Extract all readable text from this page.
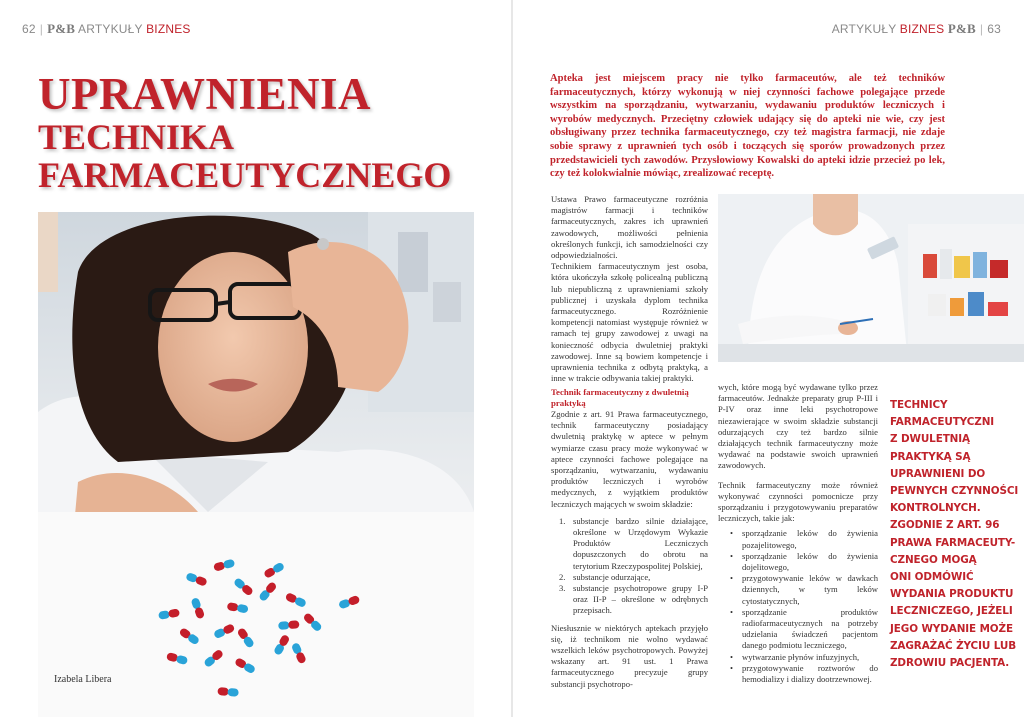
62 | P&B ARTYKUŁY BIZNES	ARTYKUŁY BIZNES P&B | 63
UPRAWNIENIA
TECHNIKA
FARMACEUTYCZNEGO
Izabela Libera

Apteka jest miejscem pracy nie tylko farmaceutów, ale też techników farmaceutycznych, którzy wykonują w niej czynności fachowe polegające przede wszystkim na sporządzaniu, wytwarzaniu, wydawaniu produktów leczniczych i wyrobów medycznych. Przeciętny człowiek udający się do apteki nie wie, czy jest obsługiwany przez technika farmaceutycznego, czy też magistra farmacji, nie zdaje sobie sprawy z uprawnień tych osób i toczących się sporów prowadzonych przez przedstawicieli tych zawodów. Przysłowiowy Kowalski do apteki idzie przecież po lek, czy też kolokwialnie mówiąc, zrealizować receptę.

Ustawa Prawo farmaceutyczne rozróżnia magistrów farmacji i techników farmaceutycznych, zakres ich uprawnień zawodowych, możliwości pełnienia określonych funkcji, ich samodzielności czy odpowiedzialności.

Technikiem farmaceutycznym jest osoba, która ukończyła szkołę policealną publiczną lub niepubliczną z uprawnieniami szkoły publicznej i uzyskała dyplom technika farmaceutycznego. Rozróżnienie kompetencji natomiast występuje również w ramach tej grupy zawodowej z uwagi na konieczność odbycia dwuletniej praktyki zawodowej. Inne są bowiem kompetencje i uprawnienia technika z odbytą praktyką, a inne w trakcie odbywania takiej praktyki.

Technik farmaceutyczny z dwuletnią praktyką

Zgodnie z art. 91 Prawa farmaceutycznego, technik farmaceutyczny posiadający dwuletnią praktykę w aptece w pełnym wymiarze czasu pracy może wykonywać w aptece czynności fachowe polegające na sporządzaniu, wytwarzaniu, wydawaniu produktów leczniczych i wyrobów medycznych, z wyjątkiem produktów leczniczych mających w swoim składzie:

1. substancje bardzo silnie działające, określone w Urzędowym Wykazie Produktów Leczniczych dopuszczonych do obrotu na terytorium Rzeczypospolitej Polskiej,
2. substancje odurzające,
3. substancje psychotropowe grupy I-P oraz II-P – określone w odrębnych przepisach.

Niesłusznie w niektórych aptekach przyjęło się, iż technikom nie wolno wydawać wszelkich leków psychotropowych. Powyżej wskazany art. 91 ust. 1 Prawa farmaceutycznego precyzuje grupy substancji psychotropo-

wych, które mogą być wydawane tylko przez farmaceutów. Jednakże preparaty grup P-III i P-IV oraz inne leki psychotropowe niezawierające w swoim składzie substancji odurzających czy też bardzo silnie działających technik farmaceutyczny może wydawać na podstawie swoich uprawnień zawodowych.

Technik farmaceutyczny może również wykonywać czynności pomocnicze przy sporządzaniu i przygotowywaniu preparatów leczniczych, takie jak:

• sporządzanie leków do żywienia pozajelitowego,
• sporządzanie leków do żywienia dojelitowego,
• przygotowywanie leków w dawkach dziennych, w tym leków cytostatycznych,
• sporządzanie produktów radiofarmaceutycznych na potrzeby udzielania świadczeń pacjentom danego podmiotu leczniczego,
• wytwarzanie płynów infuzyjnych,
• przygotowywanie roztworów do hemodializy i dializy dootrzewnowej.
TECHNICY
FARMACEUTYCZNI
Z DWULETNIĄ
PRAKTYKĄ SĄ
UPRAWNIENI DO
PEWNYCH CZYNNOŚCI
KONTROLNYCH.
ZGODNIE Z ART. 96
PRAWA FARMACEUTY-
CZNEGO MOGĄ
ONI ODMÓWIĆ
WYDANIA PRODUKTU
LECZNICZEGO, JEŻELI
JEGO WYDANIE MOŻE
ZAGRAŻAĆ ŻYCIU LUB
ZDROWIU PACJENTA.
